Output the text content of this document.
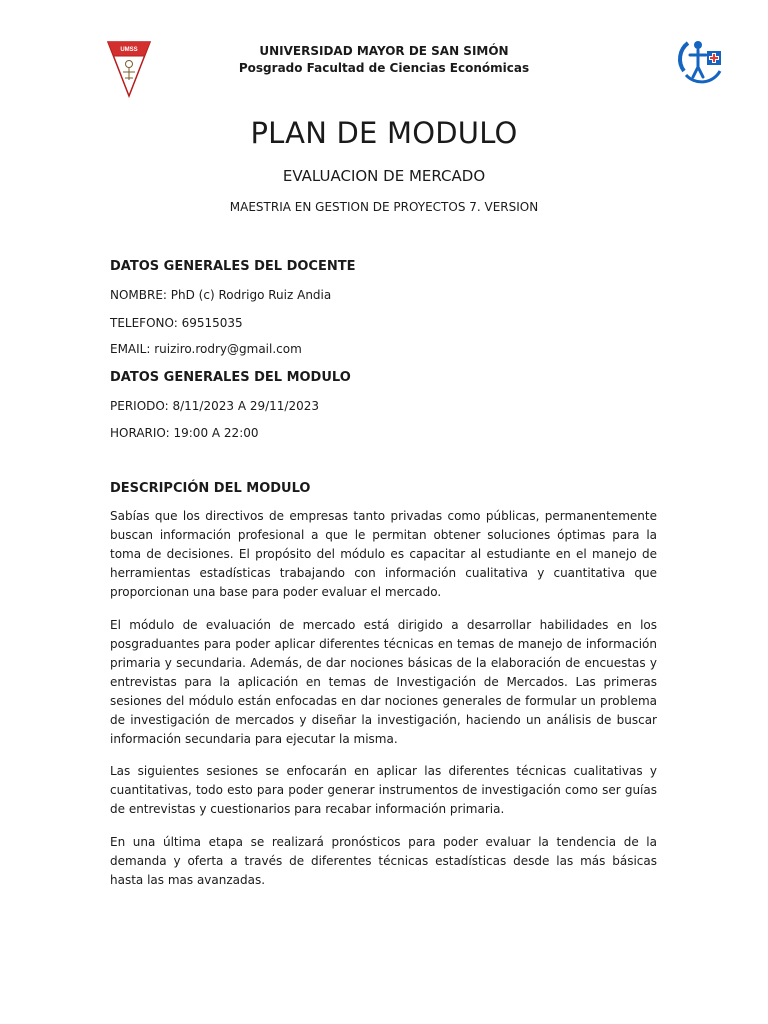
UMSS	UNIVERSIDAD MAYOR DE SAN SIMÓN
Posgrado Facultad de Ciencias Económicas
PLAN DE MODULO
EVALUACION DE MERCADO
MAESTRIA EN GESTION DE PROYECTOS 7. VERSION
DATOS GENERALES DEL DOCENTE
NOMBRE: PhD (c) Rodrigo Ruiz Andia
TELEFONO: 69515035
EMAIL: ruiziro.rodry@gmail.com
DATOS GENERALES DEL MODULO
PERIODO: 8/11/2023 A 29/11/2023
HORARIO: 19:00 A 22:00
DESCRIPCIÓN DEL MODULO

Sabías que los directivos de empresas tanto privadas como públicas, permanentemente buscan información profesional a que le permitan obtener soluciones óptimas para la toma de decisiones. El propósito del módulo es capacitar al estudiante en el manejo de herramientas estadísticas trabajando con información cualitativa y cuantitativa que proporcionan una base para poder evaluar el mercado.

El módulo de evaluación de mercado está dirigido a desarrollar habilidades en los posgraduantes para poder aplicar diferentes técnicas en temas de manejo de información primaria y secundaria. Además, de dar nociones básicas de la elaboración de encuestas y entrevistas para la aplicación en temas de Investigación de Mercados. Las primeras sesiones del módulo están enfocadas en dar nociones generales de formular un problema de investigación de mercados y diseñar la investigación, haciendo un análisis de buscar información secundaria para ejecutar la misma.

Las siguientes sesiones se enfocarán en aplicar las diferentes técnicas cualitativas y cuantitativas, todo esto para poder generar instrumentos de investigación como ser guías de entrevistas y cuestionarios para recabar información primaria.

En una última etapa se realizará pronósticos para poder evaluar la tendencia de la demanda y oferta a través de diferentes técnicas estadísticas desde las más básicas hasta las mas avanzadas.
